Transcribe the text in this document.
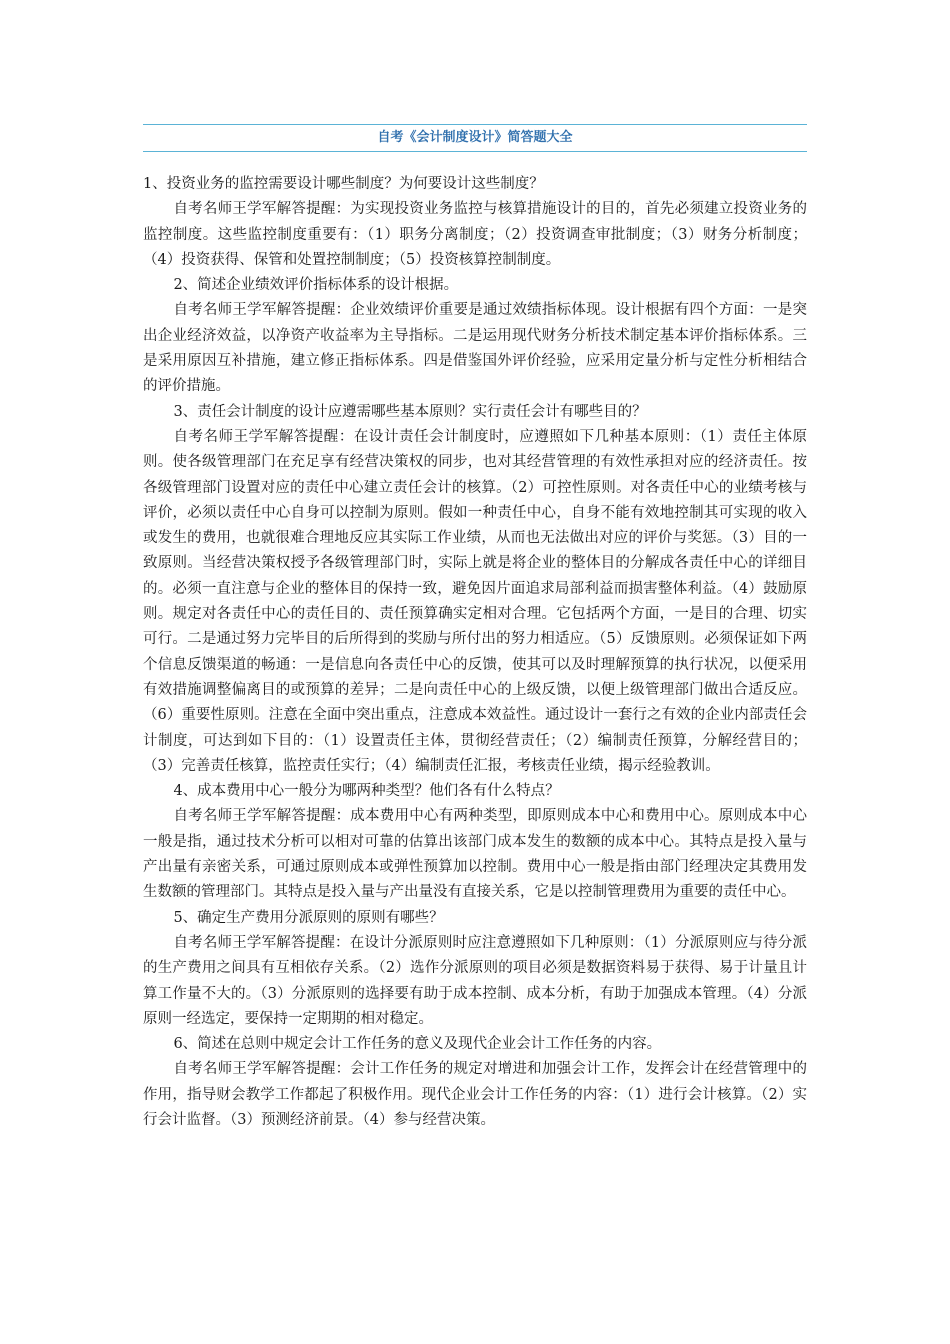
自考《会计制度设计》简答题大全

1、投资业务的监控需要设计哪些制度？为何要设计这些制度？

自考名师王学军解答提醒：为实现投资业务监控与核算措施设计的目的，首先必须建立投资业务的监控制度。这些监控制度重要有：（1）职务分离制度；（2）投资调查审批制度；（3）财务分析制度；（4）投资获得、保管和处置控制制度；（5）投资核算控制制度。

2、简述企业绩效评价指标体系的设计根据。

自考名师王学军解答提醒：企业效绩评价重要是通过效绩指标体现。设计根据有四个方面：一是突出企业经济效益，以净资产收益率为主导指标。二是运用现代财务分析技术制定基本评价指标体系。三是采用原因互补措施，建立修正指标体系。四是借鉴国外评价经验，应采用定量分析与定性分析相结合的评价措施。

3、责任会计制度的设计应遵需哪些基本原则？实行责任会计有哪些目的？

自考名师王学军解答提醒：在设计责任会计制度时，应遵照如下几种基本原则：（1）责任主体原则。使各级管理部门在充足享有经营决策权的同步，也对其经营管理的有效性承担对应的经济责任。按各级管理部门设置对应的责任中心建立责任会计的核算。（2）可控性原则。对各责任中心的业绩考核与评价，必须以责任中心自身可以控制为原则。假如一种责任中心，自身不能有效地控制其可实现的收入或发生的费用，也就很难合理地反应其实际工作业绩，从而也无法做出对应的评价与奖惩。（3）目的一致原则。当经营决策权授予各级管理部门时，实际上就是将企业的整体目的分解成各责任中心的详细目的。必须一直注意与企业的整体目的保持一致，避免因片面追求局部利益而损害整体利益。（4）鼓励原则。规定对各责任中心的责任目的、责任预算确实定相对合理。它包括两个方面，一是目的合理、切实可行。二是通过努力完毕目的后所得到的奖励与所付出的努力相适应。（5）反馈原则。必须保证如下两个信息反馈渠道的畅通：一是信息向各责任中心的反馈，使其可以及时理解预算的执行状况，以便采用有效措施调整偏离目的或预算的差异；二是向责任中心的上级反馈，以便上级管理部门做出合适反应。（6）重要性原则。注意在全面中突出重点，注意成本效益性。通过设计一套行之有效的企业内部责任会计制度，可达到如下目的：（1）设置责任主体，贯彻经营责任；（2）编制责任预算，分解经营目的；（3）完善责任核算，监控责任实行；（4）编制责任汇报，考核责任业绩，揭示经验教训。

4、成本费用中心一般分为哪两种类型？他们各有什么特点？

自考名师王学军解答提醒：成本费用中心有两种类型，即原则成本中心和费用中心。原则成本中心一般是指，通过技术分析可以相对可靠的估算出该部门成本发生的数额的成本中心。其特点是投入量与产出量有亲密关系，可通过原则成本或弹性预算加以控制。费用中心一般是指由部门经理决定其费用发生数额的管理部门。其特点是投入量与产出量没有直接关系，它是以控制管理费用为重要的责任中心。

5、确定生产费用分派原则的原则有哪些？

自考名师王学军解答提醒：在设计分派原则时应注意遵照如下几种原则：（1）分派原则应与待分派的生产费用之间具有互相依存关系。（2）选作分派原则的项目必须是数据资料易于获得、易于计量且计算工作量不大的。（3）分派原则的选择要有助于成本控制、成本分析，有助于加强成本管理。（4）分派原则一经选定，要保持一定期期的相对稳定。

6、简述在总则中规定会计工作任务的意义及现代企业会计工作任务的内容。

自考名师王学军解答提醒：会计工作任务的规定对增进和加强会计工作，发挥会计在经营管理中的作用，指导财会教学工作都起了积极作用。现代企业会计工作任务的内容：（1）进行会计核算。（2）实行会计监督。（3）预测经济前景。（4）参与经营决策。
